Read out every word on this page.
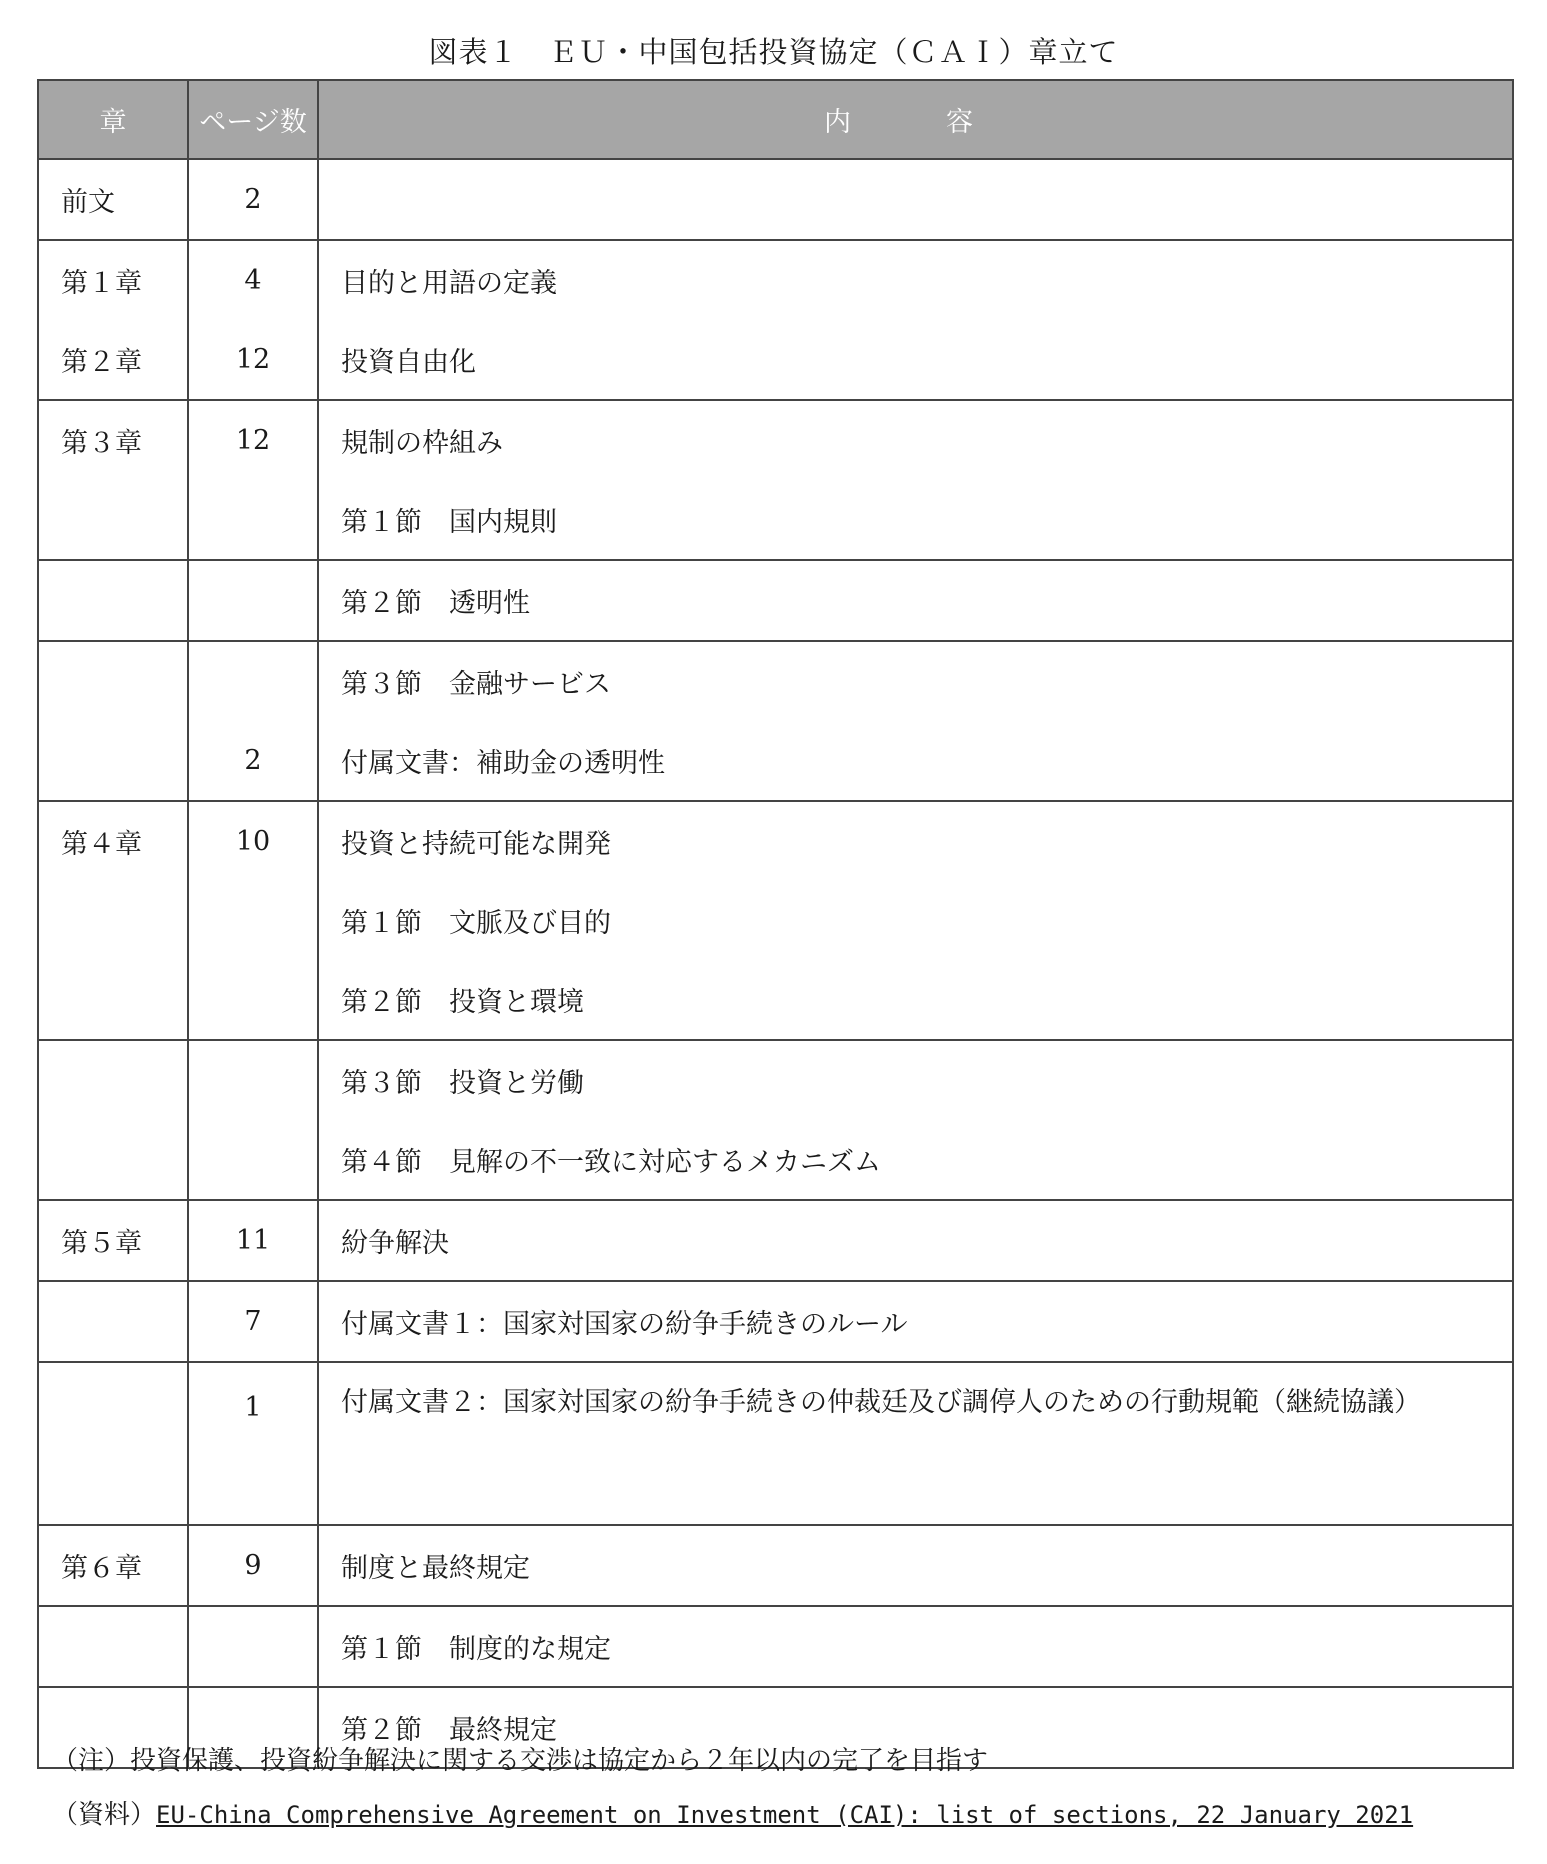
図表１　ＥＵ・中国包括投資協定（ＣＡＩ）章立て
章	ページ数	内　容
前文	2	
第１章	4	目的と用語の定義
第２章	12	投資自由化
第３章	12	規制の枠組み
		第１節　国内規則
		第２節　透明性
		第３節　金融サービス
	2	付属文書：補助金の透明性
第４章	10	投資と持続可能な開発
		第１節　文脈及び目的
		第２節　投資と環境
		第３節　投資と労働
		第４節　見解の不一致に対応するメカニズム
第５章	11	紛争解決
	7	付属文書１：国家対国家の紛争手続きのルール
	1	付属文書２：国家対国家の紛争手続きの仲裁廷及び調停人のための行動規範（継続協議）
第６章	9	制度と最終規定
		第１節　制度的な規定
		第２節　最終規定
（注）投資保護、投資紛争解決に関する交渉は協定から２年以内の完了を目指す
（資料）EU-China Comprehensive Agreement on Investment (CAI): list of sections, 22 January 2021
